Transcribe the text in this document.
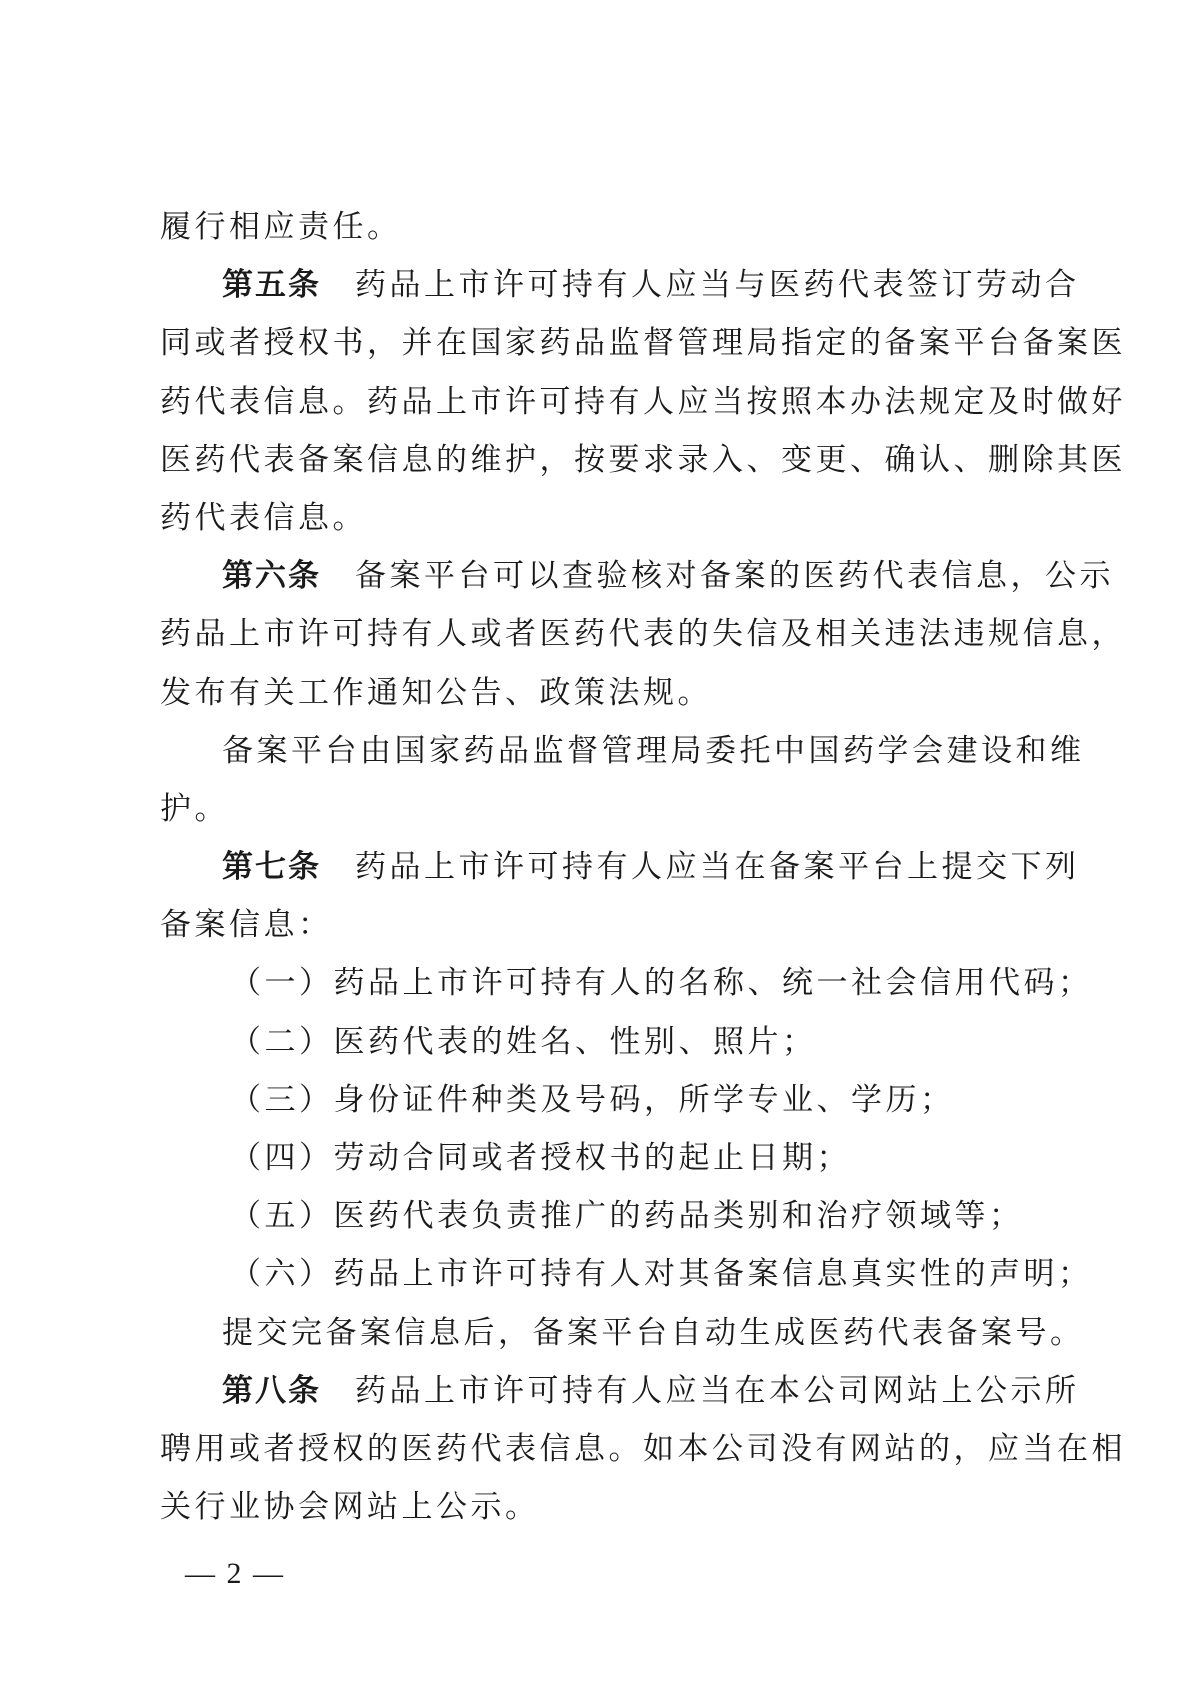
履行相应责任。
第五条 药品上市许可持有人应当与医药代表签订劳动合
同或者授权书，并在国家药品监督管理局指定的备案平台备案医
药代表信息。药品上市许可持有人应当按照本办法规定及时做好
医药代表备案信息的维护，按要求录入、变更、确认、删除其医
药代表信息。
第六条 备案平台可以查验核对备案的医药代表信息，公示
药品上市许可持有人或者医药代表的失信及相关违法违规信息，
发布有关工作通知公告、政策法规。
备案平台由国家药品监督管理局委托中国药学会建设和维
护。
第七条 药品上市许可持有人应当在备案平台上提交下列
备案信息：
（一）药品上市许可持有人的名称、统一社会信用代码；
（二）医药代表的姓名、性别、照片；
（三）身份证件种类及号码，所学专业、学历；
（四）劳动合同或者授权书的起止日期；
（五）医药代表负责推广的药品类别和治疗领域等；
（六）药品上市许可持有人对其备案信息真实性的声明；
提交完备案信息后，备案平台自动生成医药代表备案号。
第八条 药品上市许可持有人应当在本公司网站上公示所
聘用或者授权的医药代表信息。如本公司没有网站的，应当在相
关行业协会网站上公示。
— 2 —
